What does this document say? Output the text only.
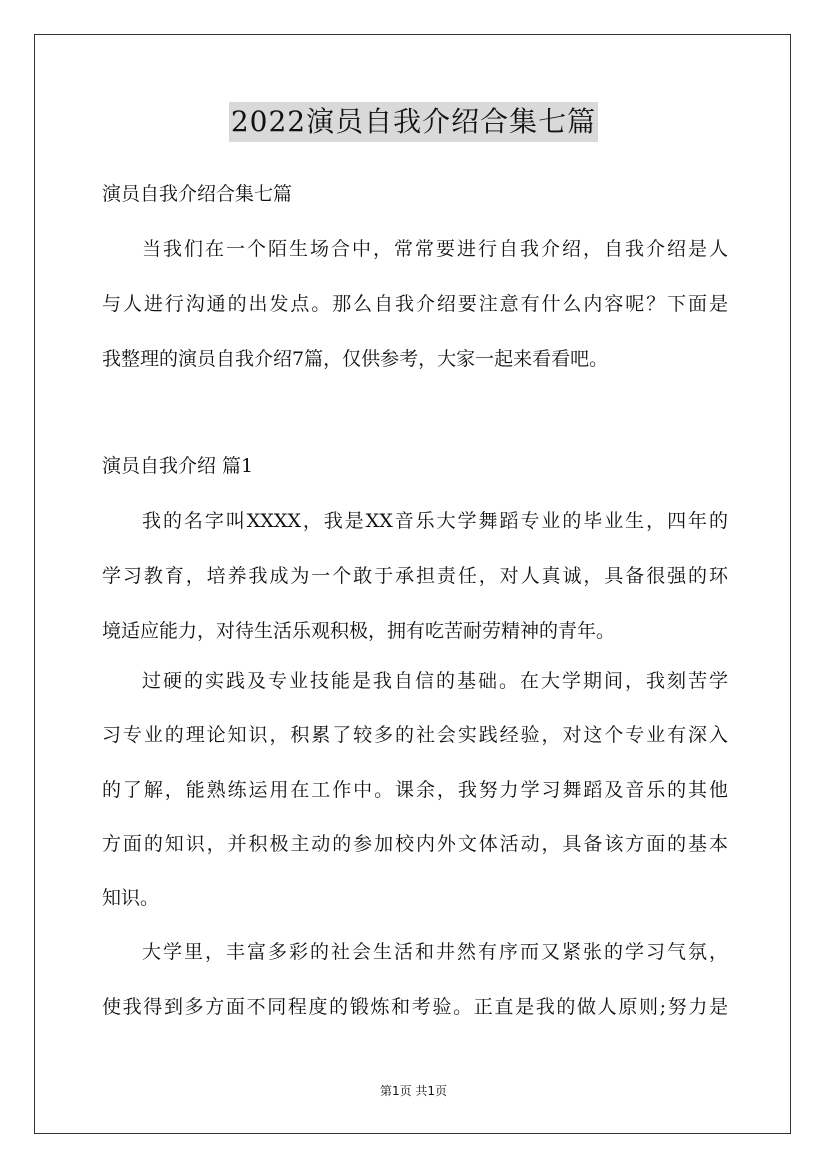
2022演员自我介绍合集七篇
演员自我介绍合集七篇
当我们在一个陌生场合中，常常要进行自我介绍，自我介绍是人
与人进行沟通的出发点。那么自我介绍要注意有什么内容呢？下面是
我整理的演员自我介绍7篇，仅供参考，大家一起来看看吧。
演员自我介绍 篇1
我的名字叫XXXX，我是XX音乐大学舞蹈专业的毕业生，四年的
学习教育，培养我成为一个敢于承担责任，对人真诚，具备很强的环
境适应能力，对待生活乐观积极，拥有吃苦耐劳精神的青年。
过硬的实践及专业技能是我自信的基础。在大学期间，我刻苦学
习专业的理论知识，积累了较多的社会实践经验，对这个专业有深入
的了解，能熟练运用在工作中。课余，我努力学习舞蹈及音乐的其他
方面的知识，并积极主动的参加校内外文体活动，具备该方面的基本
知识。
大学里，丰富多彩的社会生活和井然有序而又紧张的学习气氛，
使我得到多方面不同程度的锻炼和考验。正直是我的做人原则;努力是
第1页 共1页
